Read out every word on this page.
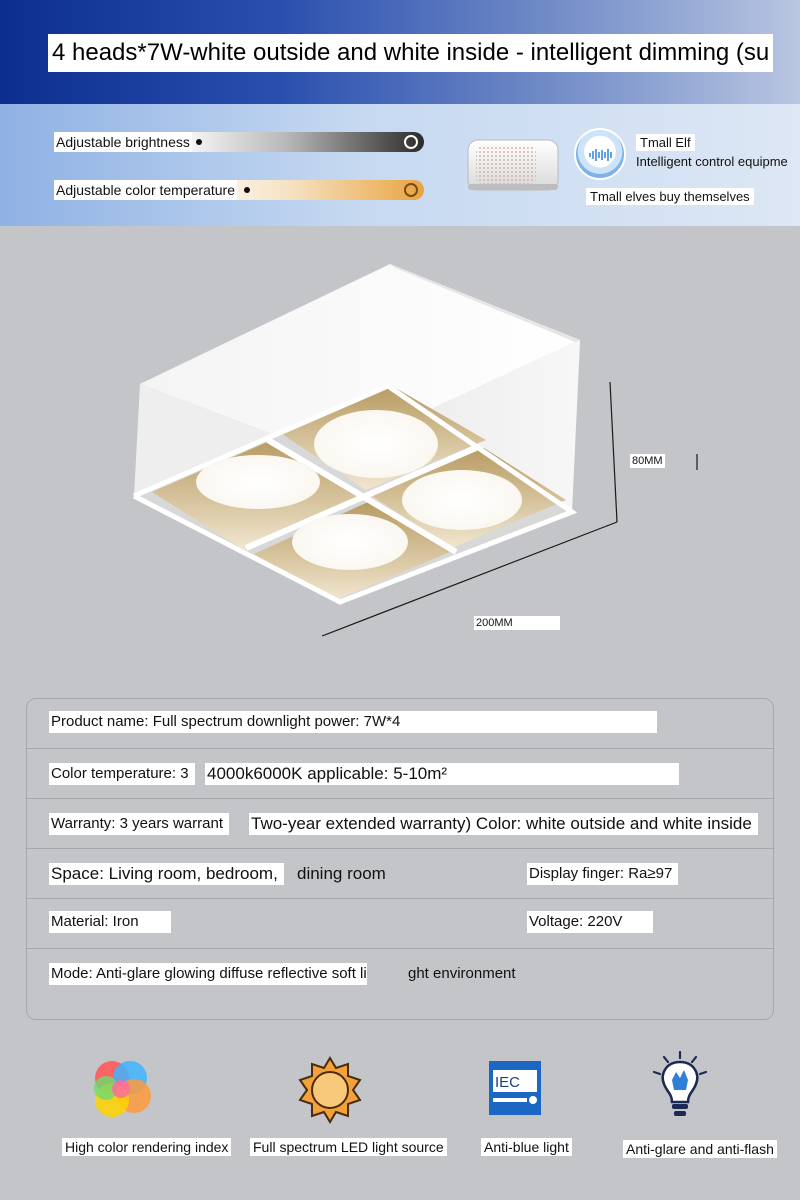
4 heads*7W-white outside and white inside - intelligent dimming (su
Adjustable brightness
Adjustable color temperature
Tmall Elf
Intelligent control equipme
Tmall elves buy themselves
80MM
200MM
Product name: Full spectrum downlight power: 7W*4
Color temperature: 3	4000k6000K applicable: 5-10m²
Warranty: 3 years warrant	Two-year extended warranty) Color: white outside and white inside
Space: Living room, bedroom,	dining room	Display finger: Ra≥97
Material: Iron	Voltage: 220V
Mode: Anti-glare glowing diffuse reflective soft li	ght environment
IEC
High color rendering index Full spectrum LED light source	Anti-blue light	Anti-glare and anti-flash
